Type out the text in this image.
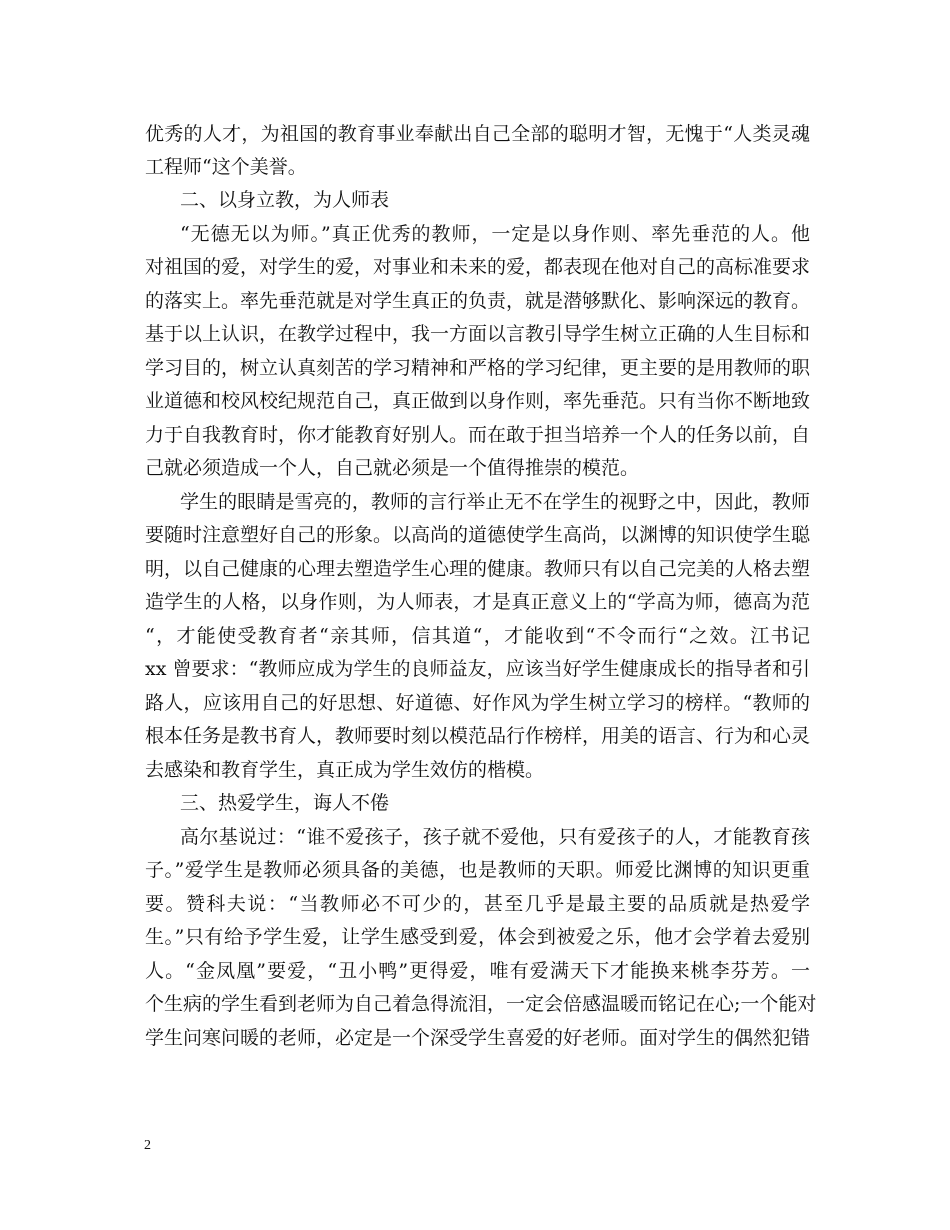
优秀的人才，为祖国的教育事业奉献出自己全部的聪明才智，无愧于“人类灵魂
工程师“这个美誉。
二、以身立教，为人师表
“无德无以为师。”真正优秀的教师，一定是以身作则、率先垂范的人。他
对祖国的爱，对学生的爱，对事业和未来的爱，都表现在他对自己的高标准要求
的落实上。率先垂范就是对学生真正的负责，就是潜够默化、影响深远的教育。
基于以上认识，在教学过程中，我一方面以言教引导学生树立正确的人生目标和
学习目的，树立认真刻苦的学习精神和严格的学习纪律，更主要的是用教师的职
业道德和校风校纪规范自己，真正做到以身作则，率先垂范。只有当你不断地致
力于自我教育时，你才能教育好别人。而在敢于担当培养一个人的任务以前，自
己就必须造成一个人，自己就必须是一个值得推崇的模范。
学生的眼睛是雪亮的，教师的言行举止无不在学生的视野之中，因此，教师
要随时注意塑好自己的形象。以高尚的道德使学生高尚，以渊博的知识使学生聪
明，以自己健康的心理去塑造学生心理的健康。教师只有以自己完美的人格去塑
造学生的人格，以身作则，为人师表，才是真正意义上的“学高为师，德高为范
“，才能使受教育者“亲其师，信其道“，才能收到“不令而行“之效。江书记
xx 曾要求：“教师应成为学生的良师益友，应该当好学生健康成长的指导者和引
路人，应该用自己的好思想、好道德、好作风为学生树立学习的榜样。“教师的
根本任务是教书育人，教师要时刻以模范品行作榜样，用美的语言、行为和心灵
去感染和教育学生，真正成为学生效仿的楷模。
三、热爱学生，诲人不倦
高尔基说过：“谁不爱孩子，孩子就不爱他，只有爱孩子的人，才能教育孩
子。”爱学生是教师必须具备的美德，也是教师的天职。师爱比渊博的知识更重
要。赞科夫说：“当教师必不可少的，甚至几乎是最主要的品质就是热爱学
生。”只有给予学生爱，让学生感受到爱，体会到被爱之乐，他才会学着去爱别
人。“金凤凰”要爱，“丑小鸭”更得爱，唯有爱满天下才能换来桃李芬芳。一
个生病的学生看到老师为自己着急得流泪，一定会倍感温暖而铭记在心;一个能对
学生问寒问暖的老师，必定是一个深受学生喜爱的好老师。面对学生的偶然犯错
2
